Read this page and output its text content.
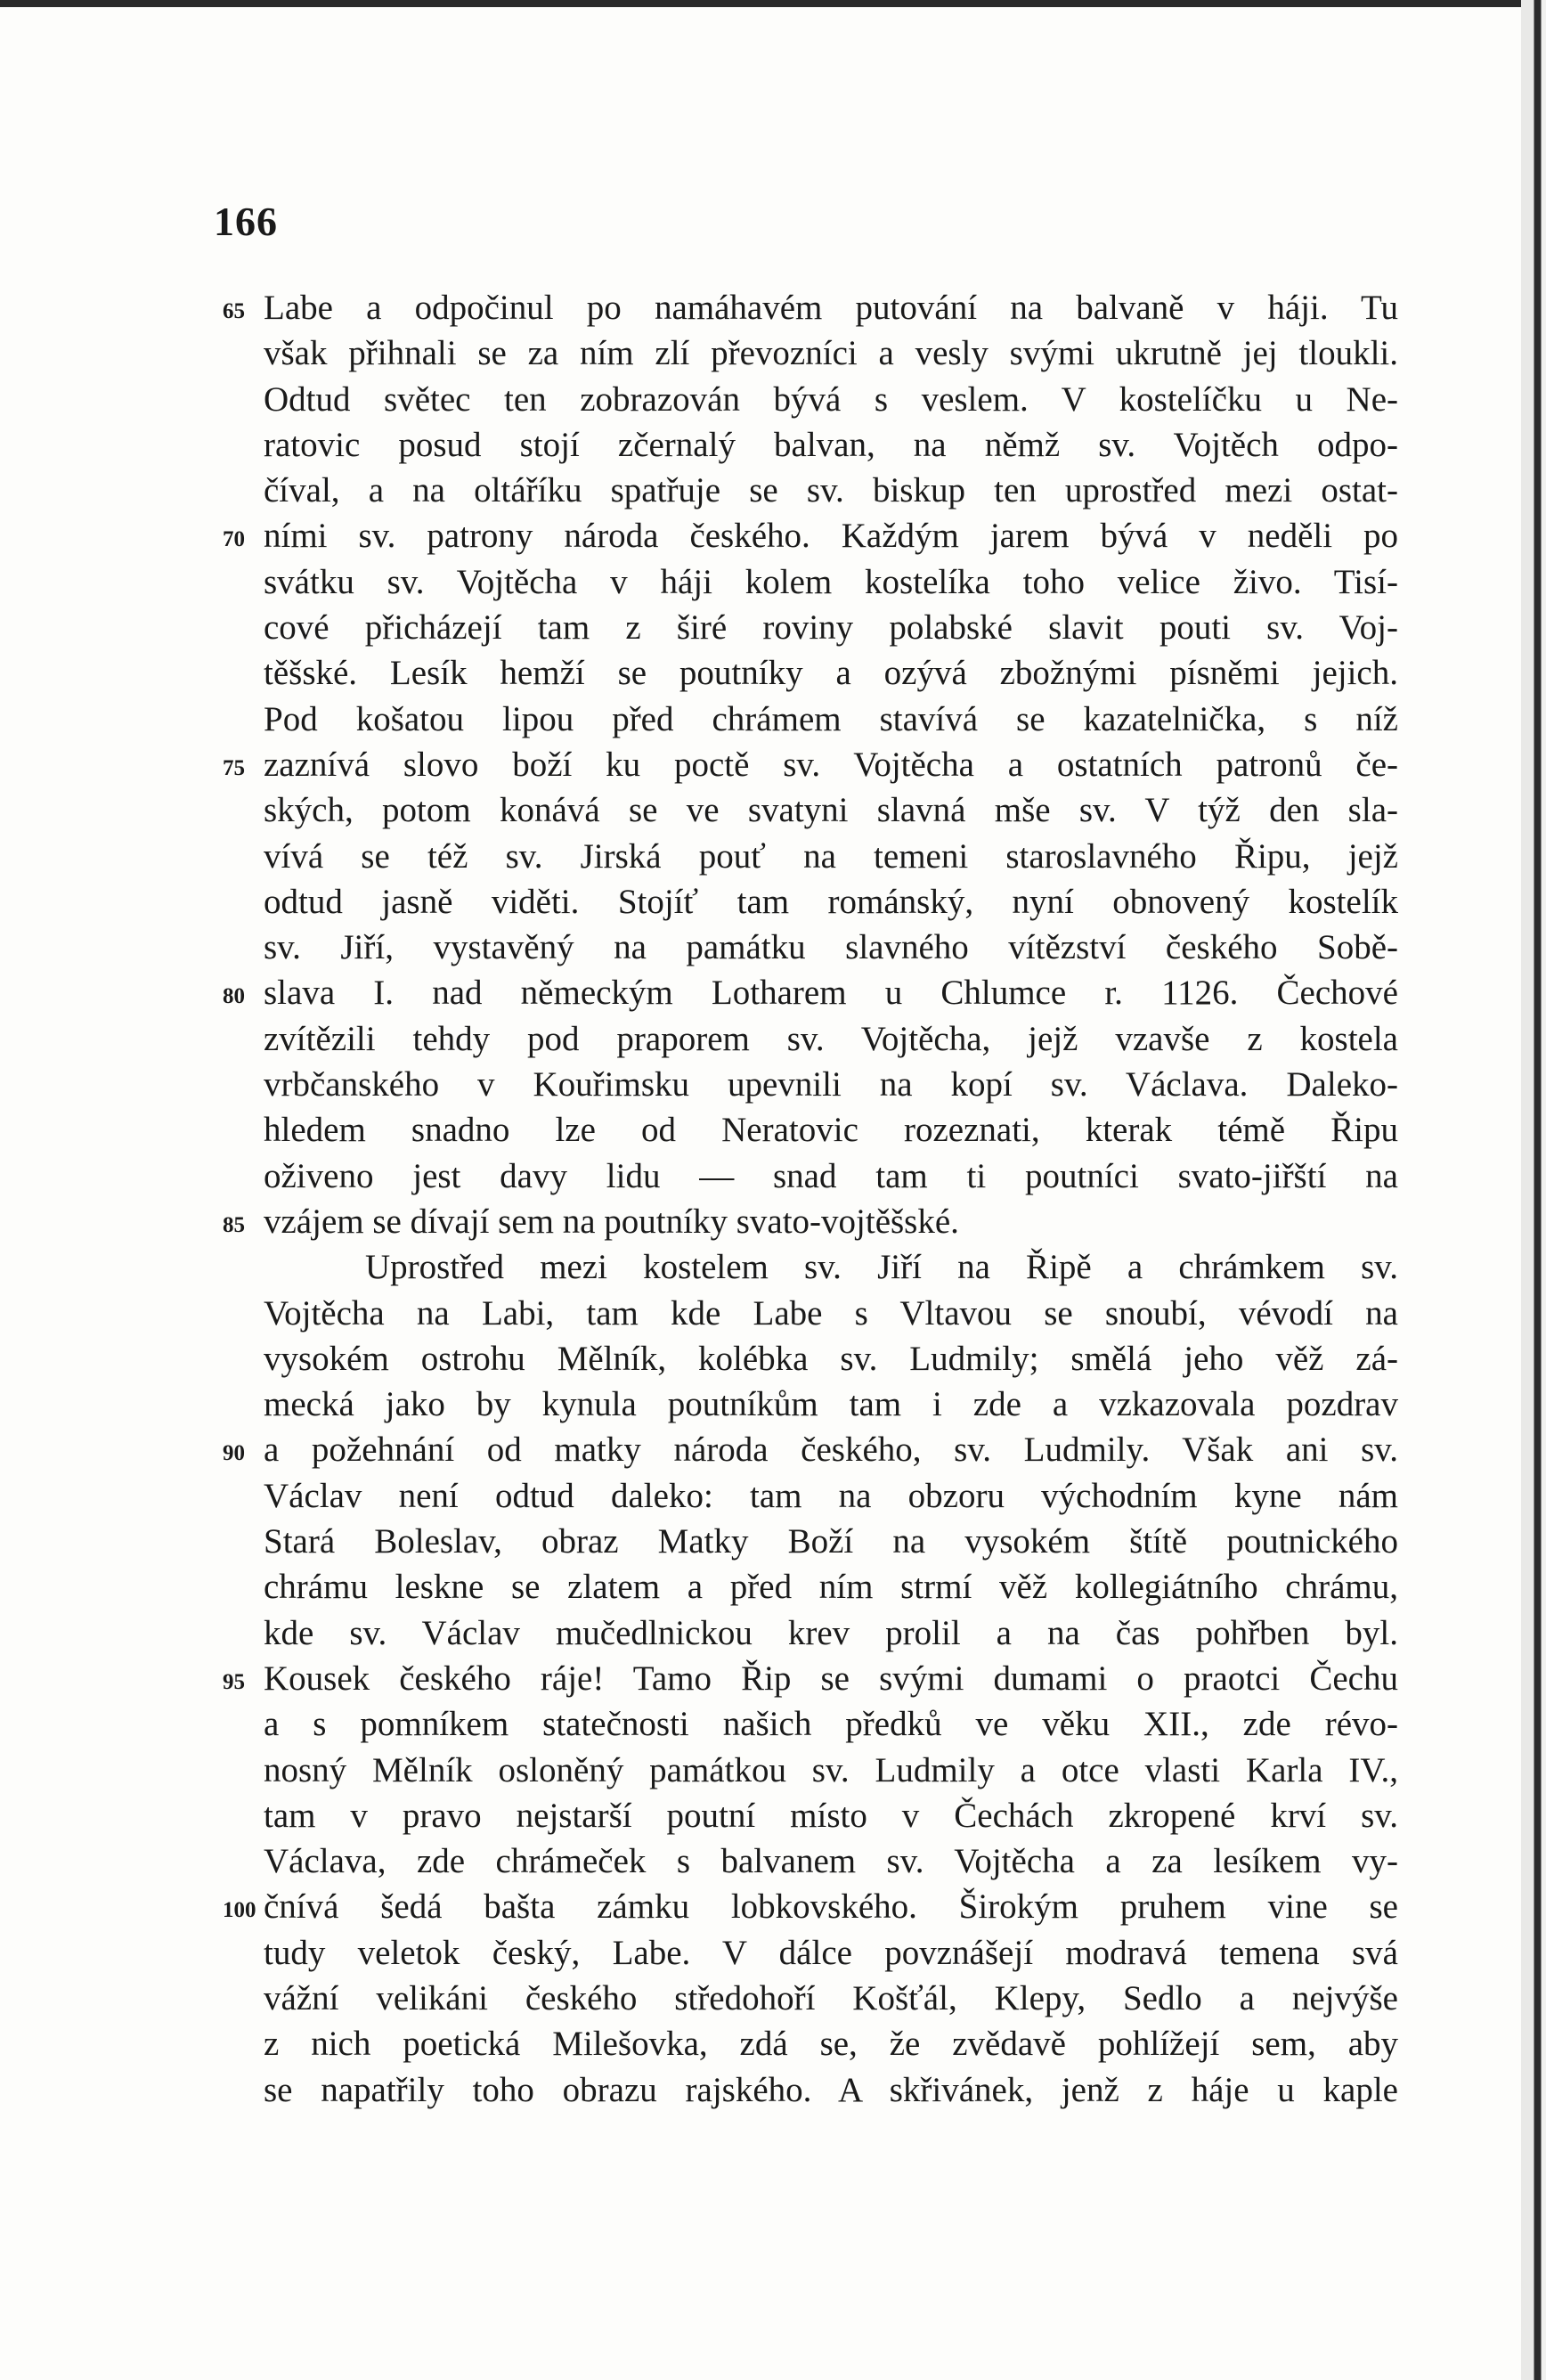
166
65 Labe a odpočinul po namáhavém putování na balvaně v háji. Tu
však přihnali se za ním zlí převozníci a vesly svými ukrutně jej tloukli.
Odtud světec ten zobrazován bývá s veslem. V kostelíčku u Ne-
ratovic posud stojí zčernalý balvan, na němž sv. Vojtěch odpo-
číval, a na oltáříku spatřuje se sv. biskup ten uprostřed mezi ostat-
70 ními sv. patrony národa českého. Každým jarem bývá v neděli po
svátku sv. Vojtěcha v háji kolem kostelíka toho velice živo. Tisí-
cové přicházejí tam z širé roviny polabské slavit pouti sv. Voj-
těšské. Lesík hemží se poutníky a ozývá zbožnými písněmi jejich.
Pod košatou lipou před chrámem stavívá se kazatelnička, s níž
75 zaznívá slovo boží ku poctě sv. Vojtěcha a ostatních patronů če-
ských, potom konává se ve svatyni slavná mše sv. V týž den sla-
vívá se též sv. Jirská pouť na temeni staroslavného Řipu, jejž
odtud jasně viděti. Stojíť tam románský, nyní obnovený kostelík
sv. Jiří, vystavěný na památku slavného vítězství českého Sobě-
80 slava I. nad německým Lotharem u Chlumce r. 1126. Čechové
zvítězili tehdy pod praporem sv. Vojtěcha, jejž vzavše z kostela
vrbčanského v Kouřimsku upevnili na kopí sv. Václava. Daleko-
hledem snadno lze od Neratovic rozeznati, kterak témě Řipu
oživeno jest davy lidu — snad tam ti poutníci svato-jiřští na
85 vzájem se dívají sem na poutníky svato-vojtěšské.
Uprostřed mezi kostelem sv. Jiří na Řipě a chrámkem sv.
Vojtěcha na Labi, tam kde Labe s Vltavou se snoubí, vévodí na
vysokém ostrohu Mělník, kolébka sv. Ludmily; smělá jeho věž zá-
mecká jako by kynula poutníkům tam i zde a vzkazovala pozdrav
90 a požehnání od matky národa českého, sv. Ludmily. Však ani sv.
Václav není odtud daleko: tam na obzoru východním kyne nám
Stará Boleslav, obraz Matky Boží na vysokém štítě poutnického
chrámu leskne se zlatem a před ním strmí věž kollegiátního chrámu,
kde sv. Václav mučedlnickou krev prolil a na čas pohřben byl.
95 Kousek českého ráje! Tamo Řip se svými dumami o praotci Čechu
a s pomníkem statečnosti našich předků ve věku XII., zde révo-
nosný Mělník osloněný památkou sv. Ludmily a otce vlasti Karla IV.,
tam v pravo nejstarší poutní místo v Čechách zkropené krví sv.
Václava, zde chrámeček s balvanem sv. Vojtěcha a za lesíkem vy-
100 čnívá šedá bašta zámku lobkovského. Širokým pruhem vine se
tudy veletok český, Labe. V dálce povznášejí modravá temena svá
vážní velikáni českého středohoří Košťál, Klepy, Sedlo a nejvýše
z nich poetická Milešovka, zdá se, že zvědavě pohlížejí sem, aby
se napatřily toho obrazu rajského. A skřivánek, jenž z háje u kaple
